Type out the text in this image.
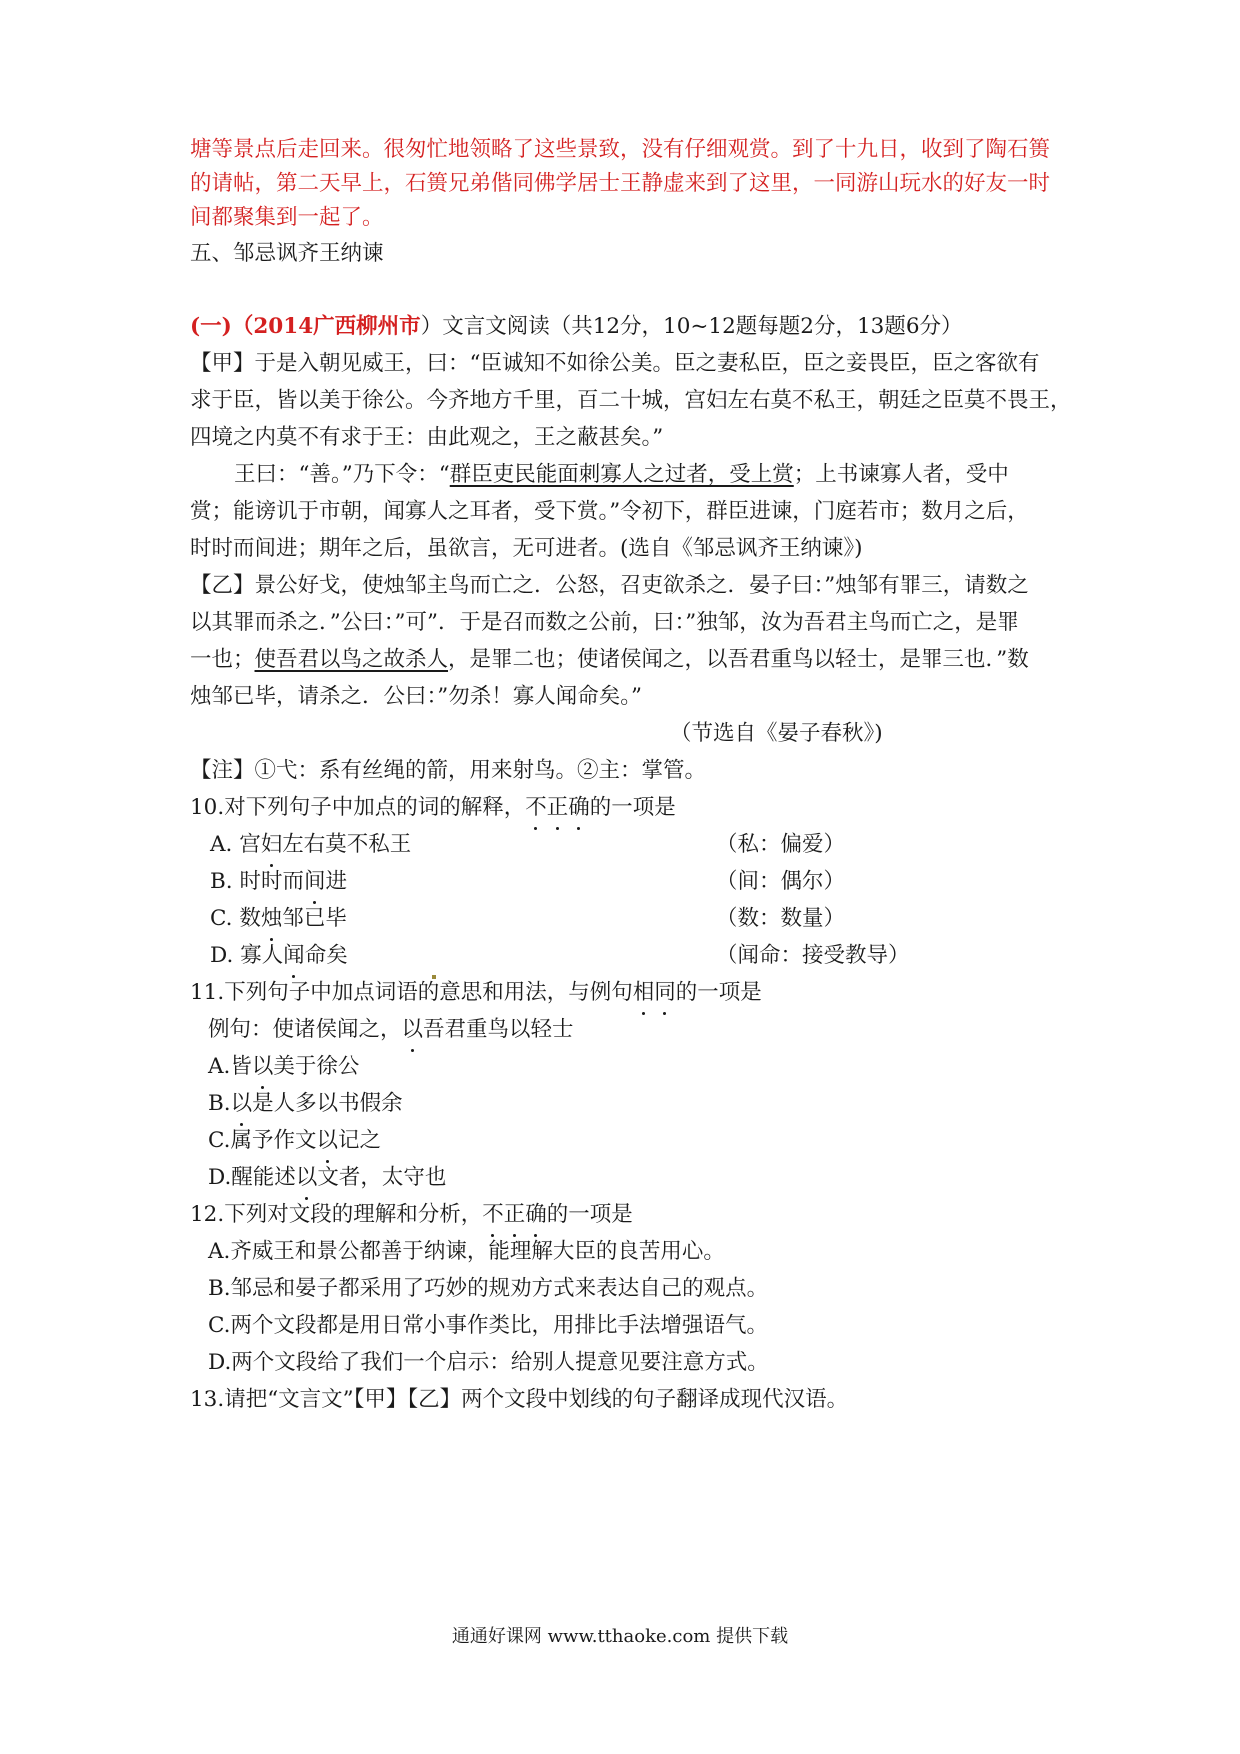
塘等景点后走回来。很匆忙地领略了这些景致，没有仔细观赏。到了十九日，收到了陶石篑
的请帖，第二天早上，石篑兄弟偕同佛学居士王静虚来到了这里，一同游山玩水的好友一时
间都聚集到一起了。
五、邹忌讽齐王纳谏
(一)（2014广西柳州市）文言文阅读（共12分，10~12题每题2分，13题6分）
【甲】于是入朝见威王，曰：“臣诚知不如徐公美。臣之妻私臣，臣之妾畏臣，臣之客欲有
求于臣，皆以美于徐公。今齐地方千里，百二十城，宫妇左右莫不私王，朝廷之臣莫不畏王，
四境之内莫不有求于王：由此观之，王之蔽甚矣。”
王曰：“善。”乃下令：“群臣吏民能面刺寡人之过者，受上赏；上书谏寡人者，受中
赏；能谤讥于市朝，闻寡人之耳者，受下赏。”令初下，群臣进谏，门庭若市；数月之后，
时时而间进；期年之后，虽欲言，无可进者。(选自《邹忌讽齐王纳谏》)
【乙】景公好戈，使烛邹主鸟而亡之．公怒，召吏欲杀之．晏子曰：”烛邹有罪三，请数之
以其罪而杀之．”公曰：”可”．于是召而数之公前，曰：”独邹，汝为吾君主鸟而亡之，是罪
一也；使吾君以鸟之故杀人，是罪二也；使诸侯闻之，以吾君重鸟以轻士，是罪三也．”数
烛邹已毕，请杀之．公曰：”勿杀！寡人闻命矣。”
（节选自《晏子春秋》)
【注】①弋：系有丝绳的箭，用来射鸟。②主：掌管。
10.对下列句子中加点的词的解释，不正确的一项是
A. 宫妇左右莫不私王	（私：偏爱）
B. 时时而间进	（间：偶尔）
C. 数烛邹已毕	（数：数量）
D. 寡人闻命矣	（闻命：接受教导）
11.下列句子中加点词语的意思和用法，与例句相同的一项是
例句：使诸侯闻之，以吾君重鸟以轻士
A.皆以美于徐公
B.以是人多以书假余
C.属予作文以记之
D.醒能述以文者，太守也
12.下列对文段的理解和分析，不正确的一项是
A.齐威王和景公都善于纳谏，能理解大臣的良苦用心。
B.邹忌和晏子都采用了巧妙的规劝方式来表达自己的观点。
C.两个文段都是用日常小事作类比，用排比手法增强语气。
D.两个文段给了我们一个启示：给别人提意见要注意方式。
13.请把“文言文”【甲】【乙】两个文段中划线的句子翻译成现代汉语。
通通好课网 www.tthaoke.com 提供下载
